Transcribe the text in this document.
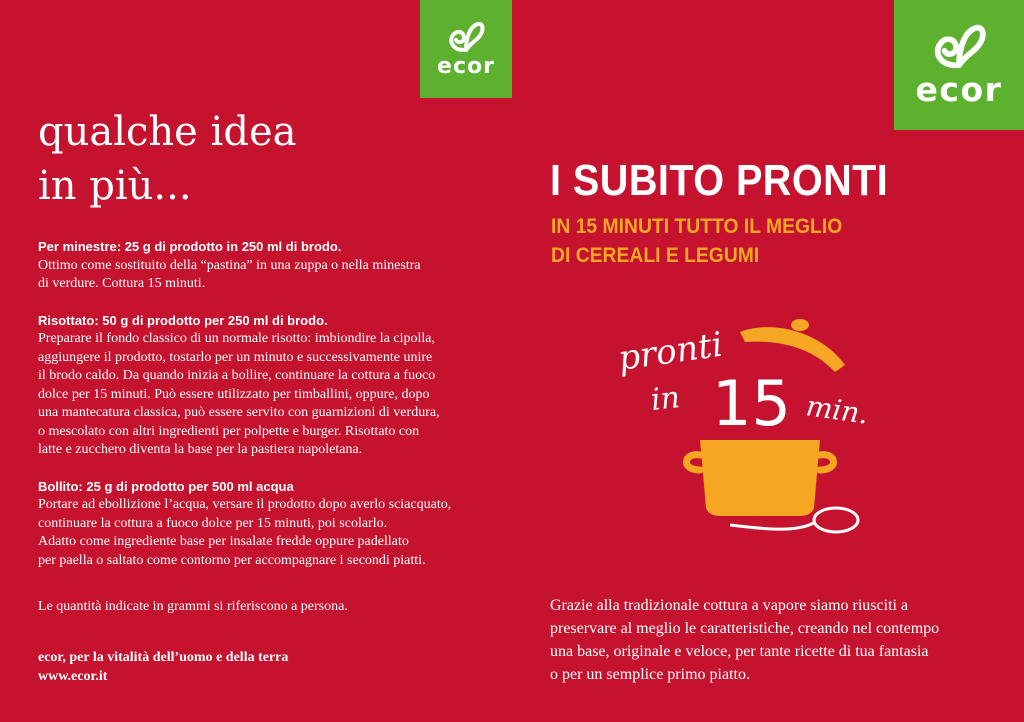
qualche idea
in più...
Per minestre: 25 g di prodotto in 250 ml di brodo.
Ottimo come sostituito della “pastina” in una zuppa o nella minestra
di verdure. Cottura 15 minuti.
Risottato: 50 g di prodotto per 250 ml di brodo.
Preparare il fondo classico di un normale risotto: imbiondire la cipolla,
aggiungere il prodotto, tostarlo per un minuto e successivamente unire
il brodo caldo. Da quando inizia a bollire, continuare la cottura a fuoco
dolce per 15 minuti. Può essere utilizzato per timballini, oppure, dopo
una mantecatura classica, può essere servito con guarnizioni di verdura,
o mescolato con altri ingredienti per polpette e burger. Risottato con
latte e zucchero diventa la base per la pastiera napoletana.
Bollito: 25 g di prodotto per 500 ml acqua
Portare ad ebollizione l’acqua, versare il prodotto dopo averlo sciacquato,
continuare la cottura a fuoco dolce per 15 minuti, poi scolarlo.
Adatto come ingrediente base per insalate fredde oppure padellato
per paella o saltato come contorno per accompagnare i secondi piatti.
Le quantità indicate in grammi si riferiscono a persona.
ecor, per la vitalità dell’uomo e della terra
www.ecor.it
ecor
ecor
I SUBITO PRONTI
IN 15 MINUTI TUTTO IL MEGLIO
DI CEREALI E LEGUMI
pronti
in 15 min.
Grazie alla tradizionale cottura a vapore siamo riusciti a
preservare al meglio le caratteristiche, creando nel contempo
una base, originale e veloce, per tante ricette di tua fantasia
o per un semplice primo piatto.
